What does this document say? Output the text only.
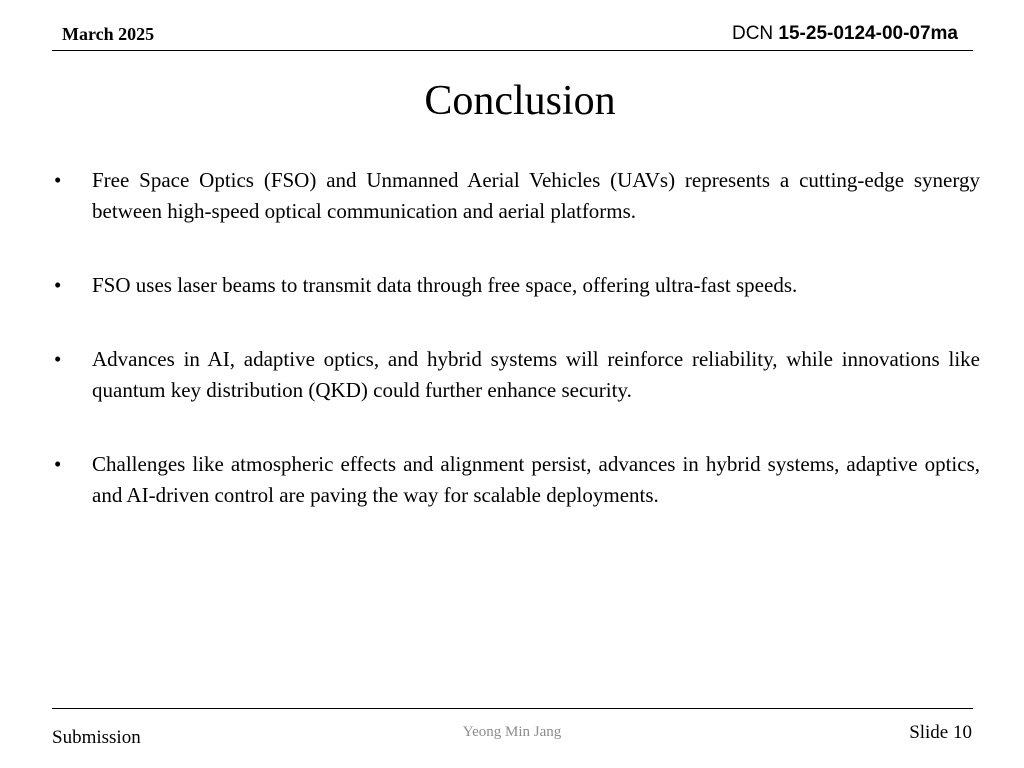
March 2025	DCN 15-25-0124-00-07ma
Conclusion
• Free Space Optics (FSO) and Unmanned Aerial Vehicles (UAVs) represents a cutting-edge synergy between high-speed optical communication and aerial platforms.
• FSO uses laser beams to transmit data through free space, offering ultra-fast speeds.
• Advances in AI, adaptive optics, and hybrid systems will reinforce reliability, while innovations like quantum key distribution (QKD) could further enhance security.
• Challenges like atmospheric effects and alignment persist, advances in hybrid systems, adaptive optics, and AI-driven control are paving the way for scalable deployments.
Submission	Yeong Min Jang	Slide 10
